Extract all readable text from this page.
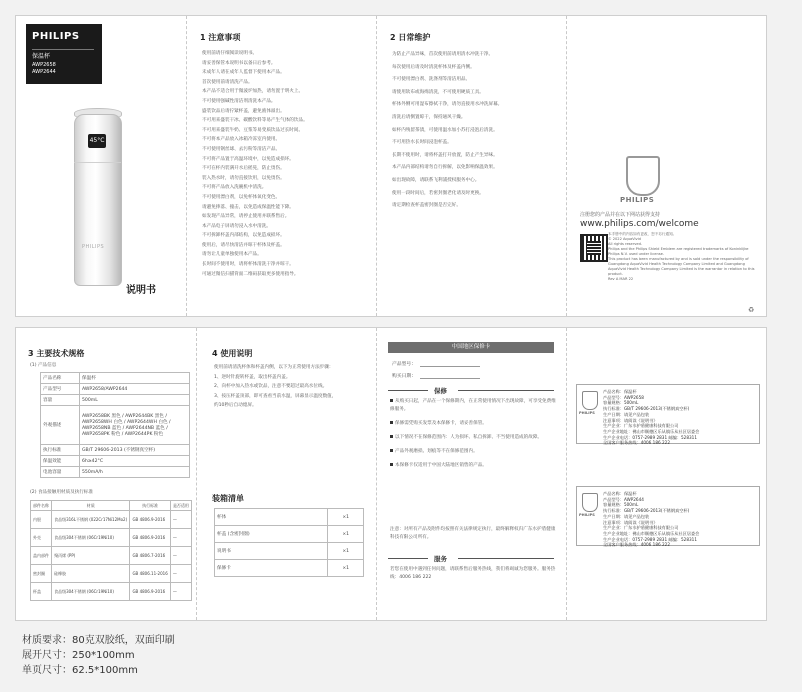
PHILIPS
保温杯
AWP2658
AWP2644
45°C
PHILIPS
说明书
1 注意事项
使用前请仔细阅读说明书。
请妥善保管本说明书以备日后参考。
未成年人请在成年人监督下使用本产品。
首次使用前请清洗产品。
本产品不适合用于微波炉加热，请勿置于明火上。
不可使用强碱性清洁剂清洗本产品。
盛装饮品后请拧紧杯盖，避免液体溢出。
不可用来盛装干冰、碳酸饮料等易产生气体的饮品。
不可用来盛装牛奶、豆浆等易变质饮品过长时间。
不可将本产品放入冰箱冷冻室内使用。
不可使用钢丝球、去污粉等清洁产品。
不可将产品置于高温环境中，以免造成损坏。
不可在杯内装满开水后摇晃，防止烫伤。
装入热水时，请勿直接饮用，以免烫伤。
不可将产品放入洗碗机中清洗。
不可使用漂白剂，以免杯体氧化变色。
请避免摔落、撞击，以免造成保温性能下降。
如发现产品异常，请停止使用并联系售后。
本产品电子屏请勿浸入水中清洗。
不可拆卸杯盖内部结构，以免造成损坏。
使用后，请尽快清洁并晾干杯体及杯盖。
请勿让儿童单独使用本产品。
长时间不使用时，请将杯体清洗干净并晾干。
可通过微信扫描背面二维码获取更多使用指导。
2 日常维护
为防止产品异味，首次使用前请用清水冲洗干净。
每次使用后请及时清洗杯体及杯盖内侧。
不可使用漂白剂、洗涤剂等清洁用品。
请使用软布或海绵清洗，不可使用硬质工具。
杯体外侧可用湿布擦拭干净，请勿直接用水冲洗屏幕。
清洗后请倒置晾干，保持通风干燥。
如杯内残留茶渍，可使用温水加小苏打浸泡后清洗。
不可用热水长时间浸泡杯盖。
长期不使用时，请将杯盖打开放置，防止产生异味。
本产品内部结构请勿自行拆解，以免影响保温效果。
如出现故障，请联系飞利浦授权服务中心。
使用一段时间后，若密封圈老化请及时更换。
请定期检查杯盖密封圈是否完好。
PHILIPS
注册您的产品并在以下网站获得支持
www.philips.com/welcome
本手册中的内容如有更改，恕不另行通知。
© 2022 AquaVivid
All rights reserved.
Philips and the Philips Shield Emblem are registered trademarks of Koninklijke Philips N.V. used under license.
This product has been manufactured by and is sold under the responsibility of Guangdong AquaVivid Health Technology Company Limited and Guangdong AquaVivid Health Technology Company Limited is the warrantor in relation to this product.
Rev A MAR 22
♻
3 主要技术规格
(1) 产品信息
产品名称	保温杯
产品型号	AWP2658/AWP2644
容量	500mL
外观描述	AWP2658BK 黑色 / AWP2644BK 黑色 / AWP2658WH 白色 / AWP2644WH 白色 / AWP2658NB 蓝色 / AWP2644NB 蓝色 / AWP2658PK 粉色 / AWP2644PK 粉色
执行标准	GB/T 29606-2013 (不锈钢真空杯)
保温效能	6h≥42°C
电池容量	550mA/h
(2) 食品接触用材质及执行标准
部件名称	材质	执行标准	是否适用
内胆	食品级316L不锈钢 (022Cr17Ni12Mo2)	GB 4806.9-2016	—
外壳	食品级304不锈钢 (06Cr19Ni10)	GB 4806.9-2016	—
盖内部件	聚丙烯 (PP)	GB 4806.7-2016	—
密封圈	硅橡胶	GB 4806.11-2016	—
杯盖	食品级304不锈钢 (06Cr19Ni10)	GB 4806.9-2016	—
4 使用说明
使用前请清洗杯体和杯盖内侧，以下为正常使用方法步骤：
1、逆时针旋转杯盖，取出杯盖内盖。
2、向杯中加入热水或饮品，注意不要超过最高水位线。
3、按压杯盖顶部，即可查看当前水温，屏幕显示温度数值，
约10秒后自动熄屏。
装箱清单
杯体	×1
杯盖 (含密封圈)	×1
说明书	×1
保修卡	×1
中国地区保修卡
产品型号：
购买日期：
保修
从购买日起，产品在一个保修期内，在正常使用情况下出现故障，可享受免费维修服务。
保修需凭购买发票及本保修卡，请妥善保管。
以下情况不在保修范围内：人为损坏、私自拆卸、不当使用造成的故障。
产品外观磨损、划痕等不在保修范围内。
本保修卡仅适用于中国大陆地区销售的产品。
注意：对所有产品及附件均按照有关法律规定执行，最终解释权归广东水护盾健康科技有限公司所有。
服务
若您在使用中遇到任何问题，请联系售后服务热线，我们将竭诚为您服务。服务热线：4006 186 222
PHILIPS
产品名称：保温杯
产品型号：AWP2658
容量规格：500mL
执行标准：GB/T 29606-2013(不锈钢真空杯)
生产日期：请见产品包装
注意事项：请阅读《说明书》
生产企业：广东水护盾健康科技有限公司
生产企业地址：佛山市顺德区乐从镇乐从社区居委会
生产企业电话：0757-2989 2831 邮编：528311
全国客户服务热线：4006 186 222
PHILIPS
产品名称：保温杯
产品型号：AWP2644
容量规格：500mL
执行标准：GB/T 29606-2013(不锈钢真空杯)
生产日期：请见产品包装
注意事项：请阅读《说明书》
生产企业：广东水护盾健康科技有限公司
生产企业地址：佛山市顺德区乐从镇乐从社区居委会
生产企业电话：0757-2989 2831 邮编：528311
全国客户服务热线：4006 186 222
材质要求：80克双胶纸，双面印刷
展开尺寸：250*100mm
单页尺寸：62.5*100mm
